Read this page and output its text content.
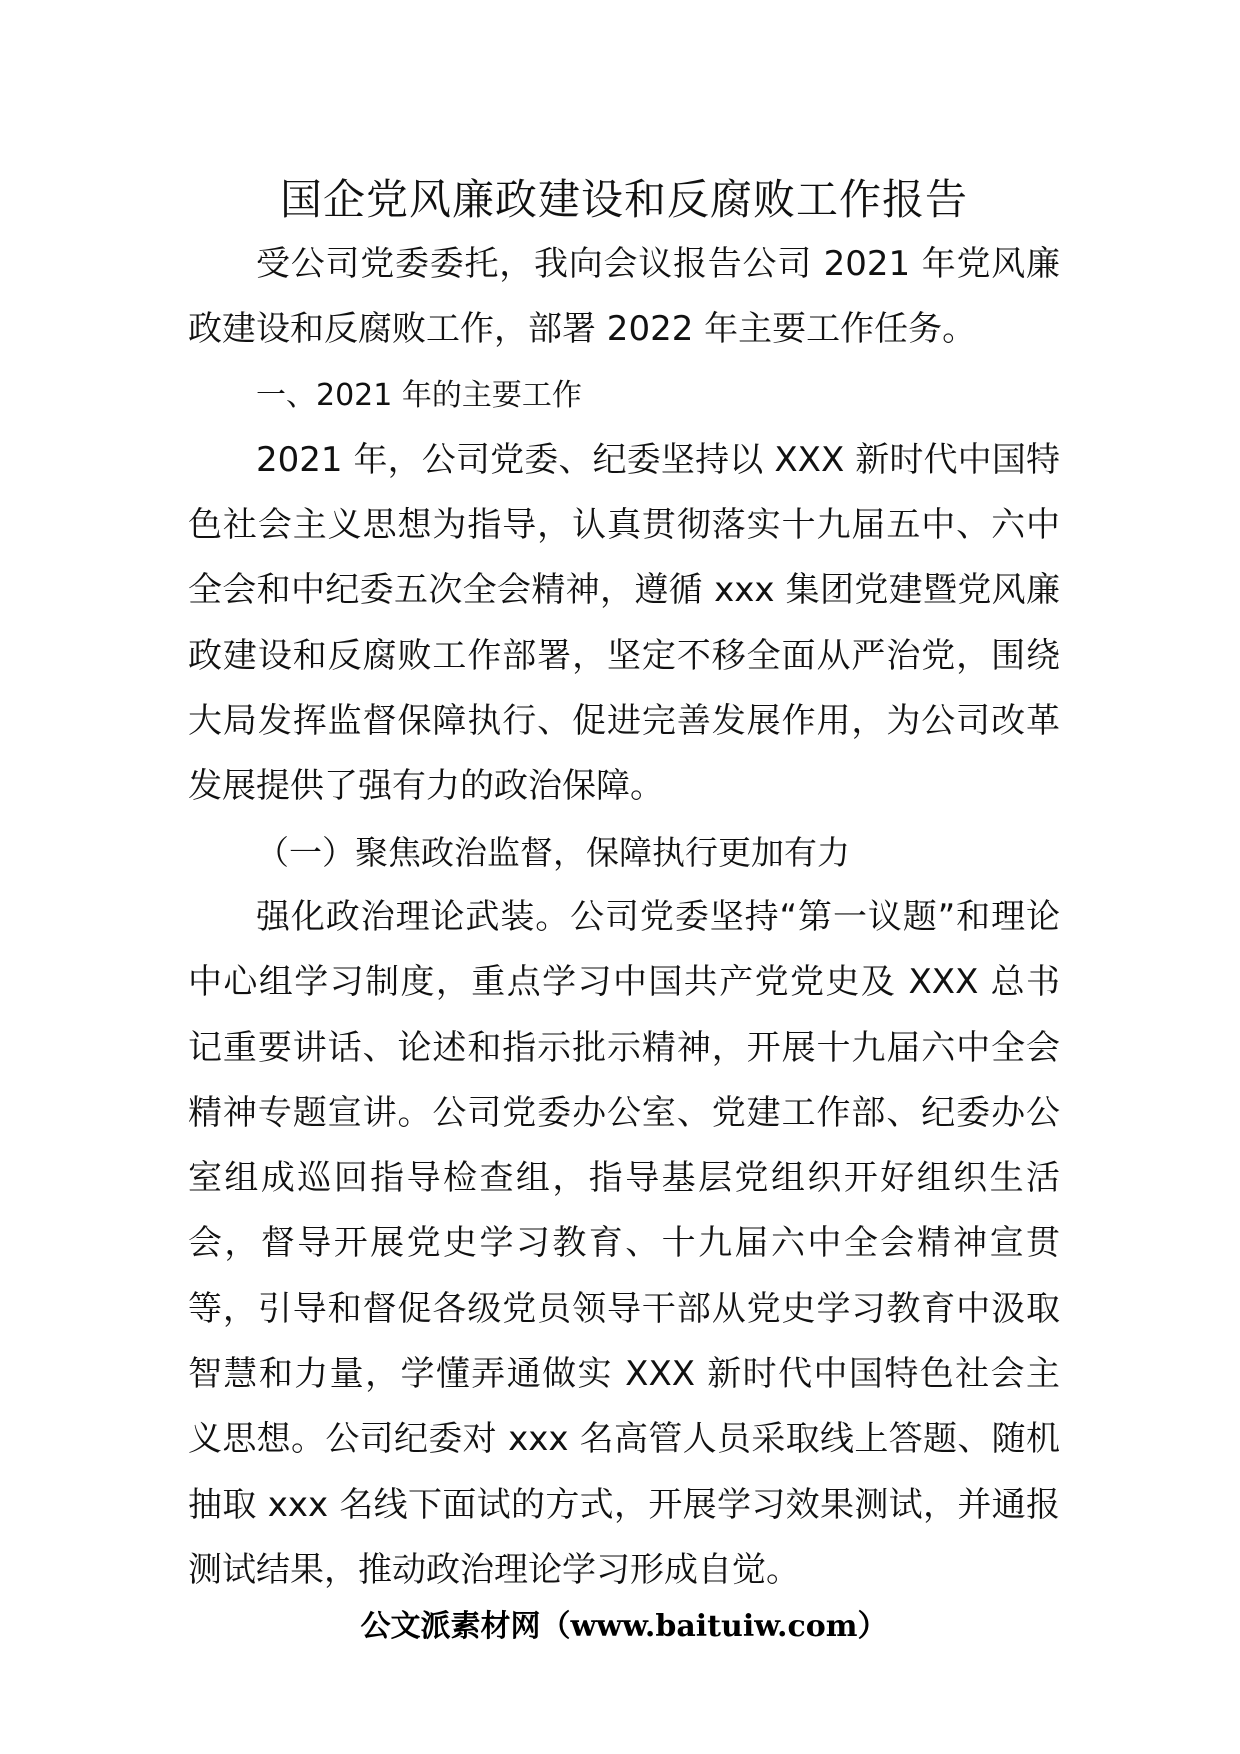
国企党风廉政建设和反腐败工作报告

受公司党委委托，我向会议报告公司 2021 年党风廉政建设和反腐败工作，部署 2022 年主要工作任务。

一、2021 年的主要工作

2021 年，公司党委、纪委坚持以 XXX 新时代中国特色社会主义思想为指导，认真贯彻落实十九届五中、六中全会和中纪委五次全会精神，遵循 xxx 集团党建暨党风廉政建设和反腐败工作部署，坚定不移全面从严治党，围绕大局发挥监督保障执行、促进完善发展作用，为公司改革发展提供了强有力的政治保障。

（一）聚焦政治监督，保障执行更加有力

强化政治理论武装。公司党委坚持“第一议题”和理论中心组学习制度，重点学习中国共产党党史及 XXX 总书记重要讲话、论述和指示批示精神，开展十九届六中全会精神专题宣讲。公司党委办公室、党建工作部、纪委办公室组成巡回指导检查组，指导基层党组织开好组织生活会，督导开展党史学习教育、十九届六中全会精神宣贯等，引导和督促各级党员领导干部从党史学习教育中汲取智慧和力量，学懂弄通做实 XXX 新时代中国特色社会主义思想。公司纪委对 xxx 名高管人员采取线上答题、随机抽取 xxx 名线下面试的方式，开展学习效果测试，并通报测试结果，推动政治理论学习形成自觉。

公文派素材网（www.baituiw.com）
